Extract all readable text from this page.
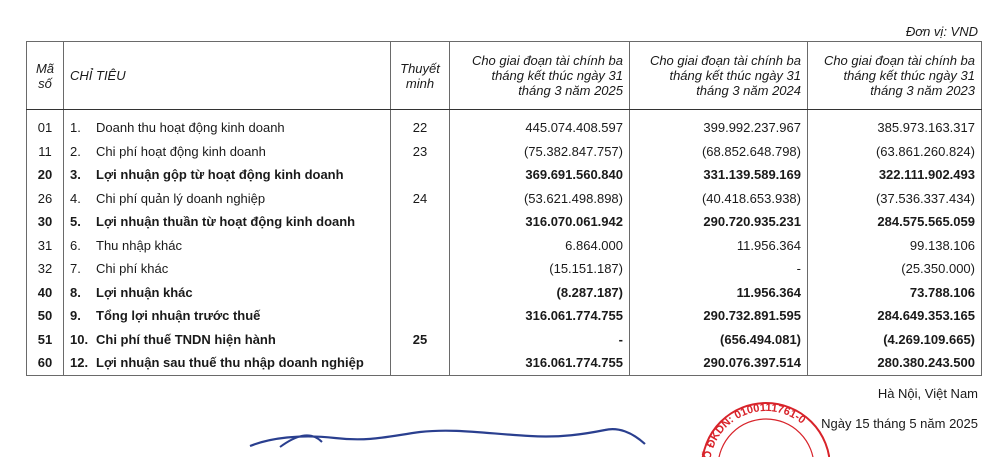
Đơn vị: VND
Mã số	CHỈ TIÊU	Thuyết minh	Cho giai đoạn tài chính ba tháng kết thúc ngày 31 tháng 3 năm 2025	Cho giai đoạn tài chính ba tháng kết thúc ngày 31 tháng 3 năm 2024	Cho giai đoạn tài chính ba tháng kết thúc ngày 31 tháng 3 năm 2023
01	1. Doanh thu hoạt động kinh doanh	22	445.074.408.597	399.992.237.967	385.973.163.317
11	2. Chi phí hoạt động kinh doanh	23	(75.382.847.757)	(68.852.648.798)	(63.861.260.824)
20	3. Lợi nhuận gộp từ hoạt động kinh doanh		369.691.560.840	331.139.589.169	322.111.902.493
26	4. Chi phí quản lý doanh nghiệp	24	(53.621.498.898)	(40.418.653.938)	(37.536.337.434)
30	5. Lợi nhuận thuần từ hoạt động kinh doanh		316.070.061.942	290.720.935.231	284.575.565.059
31	6. Thu nhập khác		6.864.000	11.956.364	99.138.106
32	7. Chi phí khác		(15.151.187)	-	(25.350.000)
40	8. Lợi nhuận khác		(8.287.187)	11.956.364	73.788.106
50	9. Tổng lợi nhuận trước thuế		316.061.774.755	290.732.891.595	284.649.353.165
51	10. Chi phí thuế TNDN hiện hành	25	-	(656.494.081)	(4.269.109.665)
60	12. Lợi nhuận sau thuế thu nhập doanh nghiệp		316.061.774.755	290.076.397.514	280.380.243.500
Hà Nội, Việt Nam
Ngày 15 tháng 5 năm 2025
Ố ĐKDN: 0100111761-0
